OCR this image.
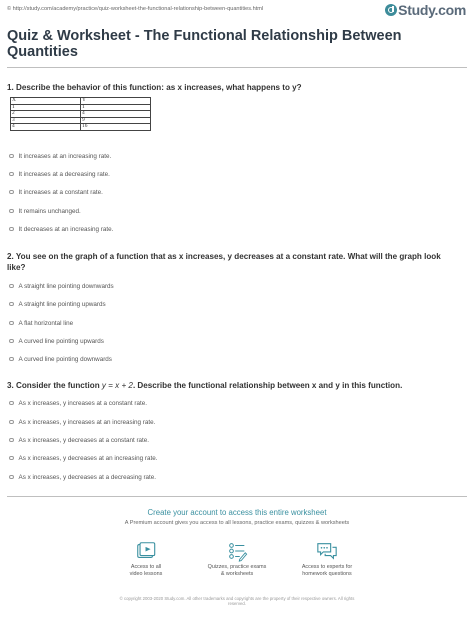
© http://study.com/academy/practice/quiz-worksheet-the-functional-relationship-between-quantities.html	Study.com
Quiz & Worksheet - The Functional Relationship Between
Quantities
1. Describe the behavior of this function: as x increases, what happens to y?
X	Y
1	1
2	4
3	9
4	16
It increases at an increasing rate.
It increases at a decreasing rate.
It increases at a constant rate.
It remains unchanged.
It decreases at an increasing rate.
2. You see on the graph of a function that as x increases, y decreases at a constant rate. What will the graph look
like?
A straight line pointing downwards
A straight line pointing upwards
A flat horizontal line
A curved line pointing upwards
A curved line pointing downwards
3. Consider the function y = x + 2. Describe the functional relationship between x and y in this function.
As x increases, y increases at a constant rate.
As x increases, y increases at an increasing rate.
As x increases, y decreases at a constant rate.
As x increases, y decreases at an increasing rate.
As x increases, y decreases at a decreasing rate.
Create your account to access this entire worksheet
A Premium account gives you access to all lessons, practice exams, quizzes & worksheets
Access to all
video lessons
Quizzes, practice exams
& worksheets
Access to experts for
homework questions
© copyright 2003-2020 Study.com. All other trademarks and copyrights are the property of their respective owners. All rights
reserved.
